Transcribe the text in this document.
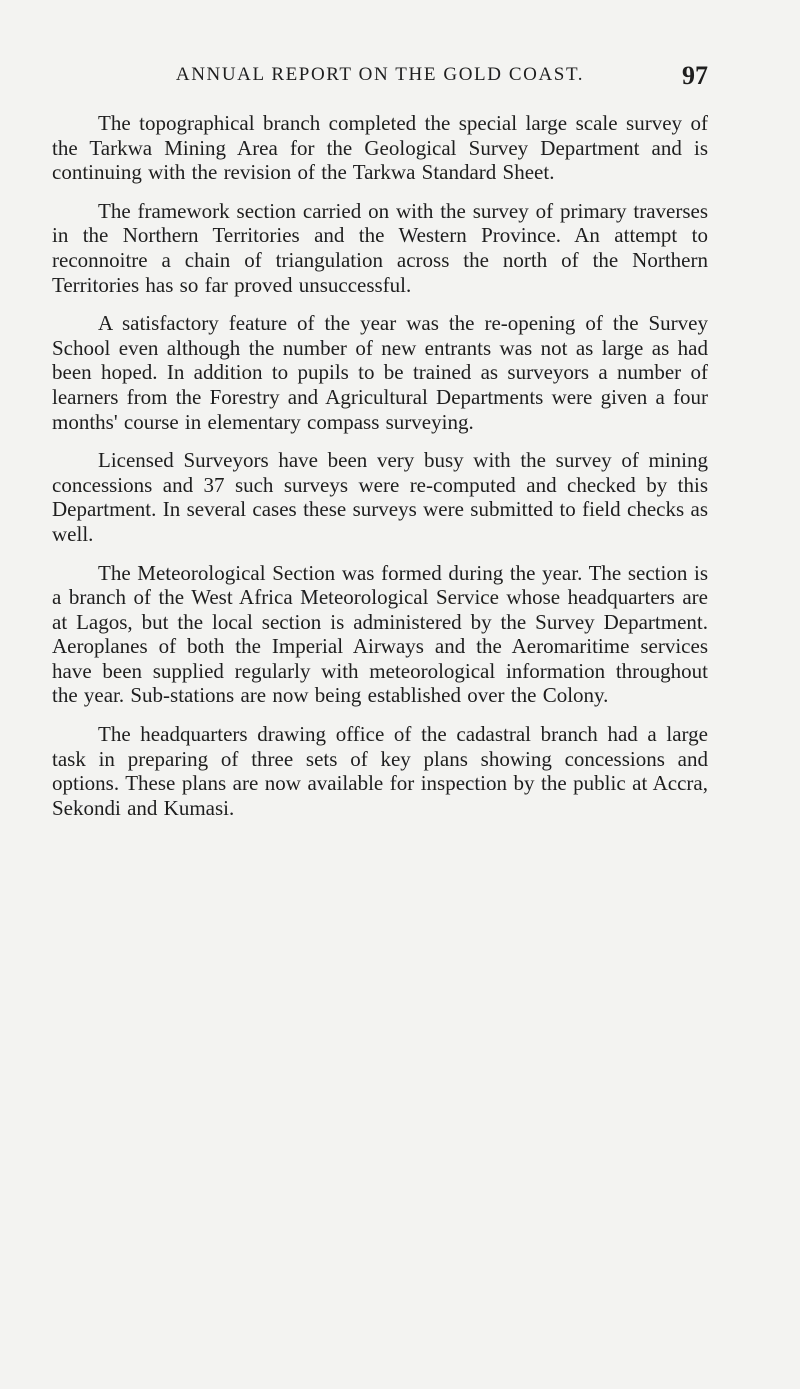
ANNUAL REPORT ON THE GOLD COAST.	97

The topographical branch completed the special large scale survey of the Tarkwa Mining Area for the Geological Survey Department and is continuing with the revision of the Tarkwa Standard Sheet.

The framework section carried on with the survey of primary traverses in the Northern Territories and the Western Province. An attempt to reconnoitre a chain of triangulation across the north of the Northern Territories has so far proved unsuccessful.

A satisfactory feature of the year was the re-opening of the Survey School even although the number of new entrants was not as large as had been hoped. In addition to pupils to be trained as surveyors a number of learners from the Forestry and Agricultural Departments were given a four months' course in elementary compass surveying.

Licensed Surveyors have been very busy with the survey of mining concessions and 37 such surveys were re-computed and checked by this Department. In several cases these surveys were submitted to field checks as well.

The Meteorological Section was formed during the year. The section is a branch of the West Africa Meteorological Service whose headquarters are at Lagos, but the local section is administered by the Survey Department. Aeroplanes of both the Imperial Airways and the Aeromaritime services have been supplied regularly with meteorological information throughout the year. Sub-stations are now being established over the Colony.

The headquarters drawing office of the cadastral branch had a large task in preparing of three sets of key plans showing concessions and options. These plans are now available for inspection by the public at Accra, Sekondi and Kumasi.
